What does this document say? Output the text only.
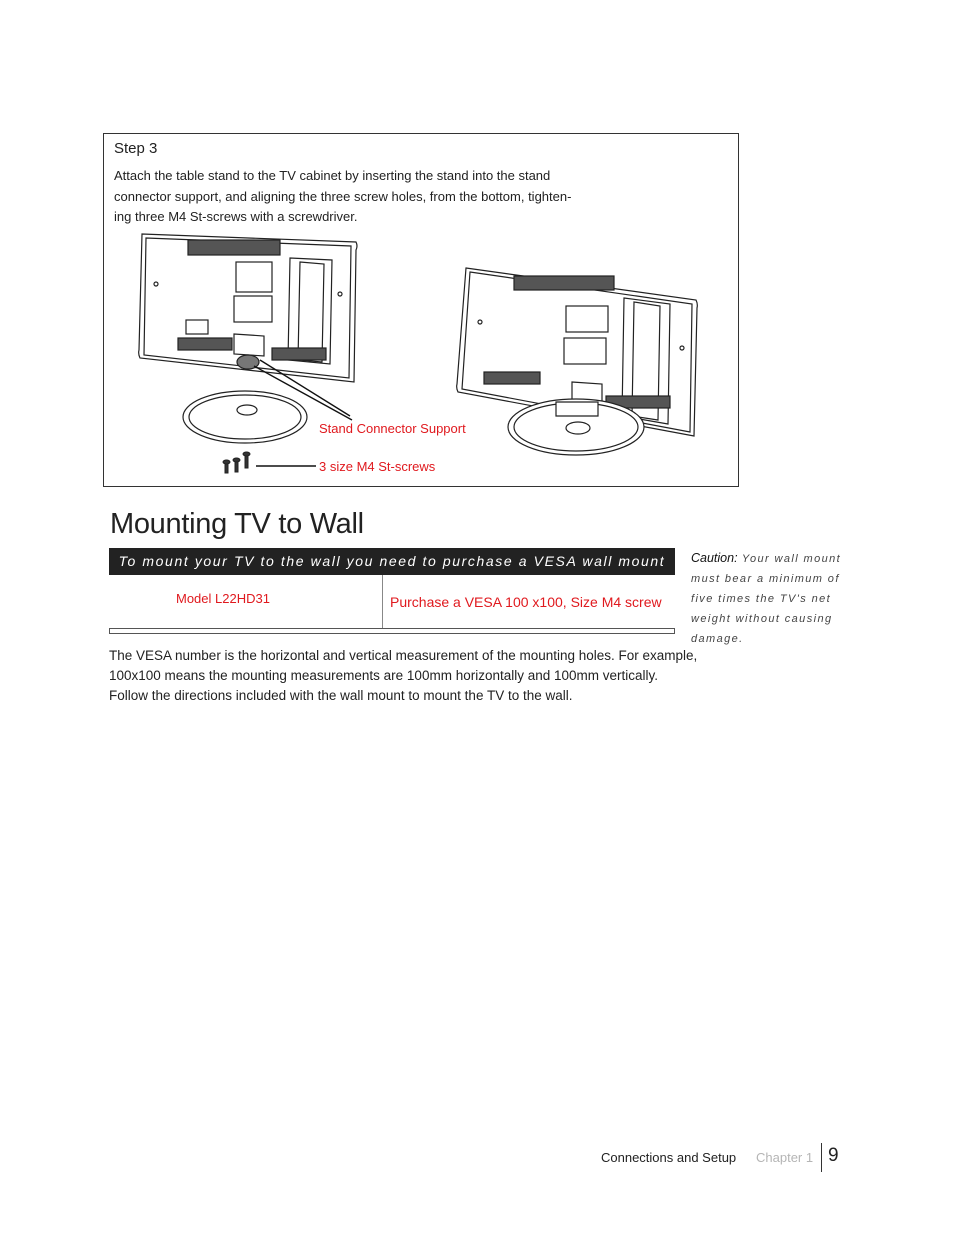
Step 3
Attach the table stand to the TV cabinet by inserting the stand into the stand
connector support, and aligning the three screw holes, from the bottom, tighten-
ing three M4 St-screws with a screwdriver.
Stand Connector Support
3 size M4 St-screws
Mounting TV to Wall
To mount your TV to the wall you need to purchase a VESA wall mount
Model L22HD31	Purchase a VESA 100 x100, Size M4 screw
The VESA number is the horizontal and vertical measurement of the mounting holes. For example,
100x100 means the mounting measurements are 100mm horizontally and 100mm vertically.
Follow the directions included with the wall mount to mount the TV to the wall.
Caution: Your wall mount
must bear a minimum of
five times the TV's net
weight without causing
damage.
Connections and Setup Chapter 1 9
